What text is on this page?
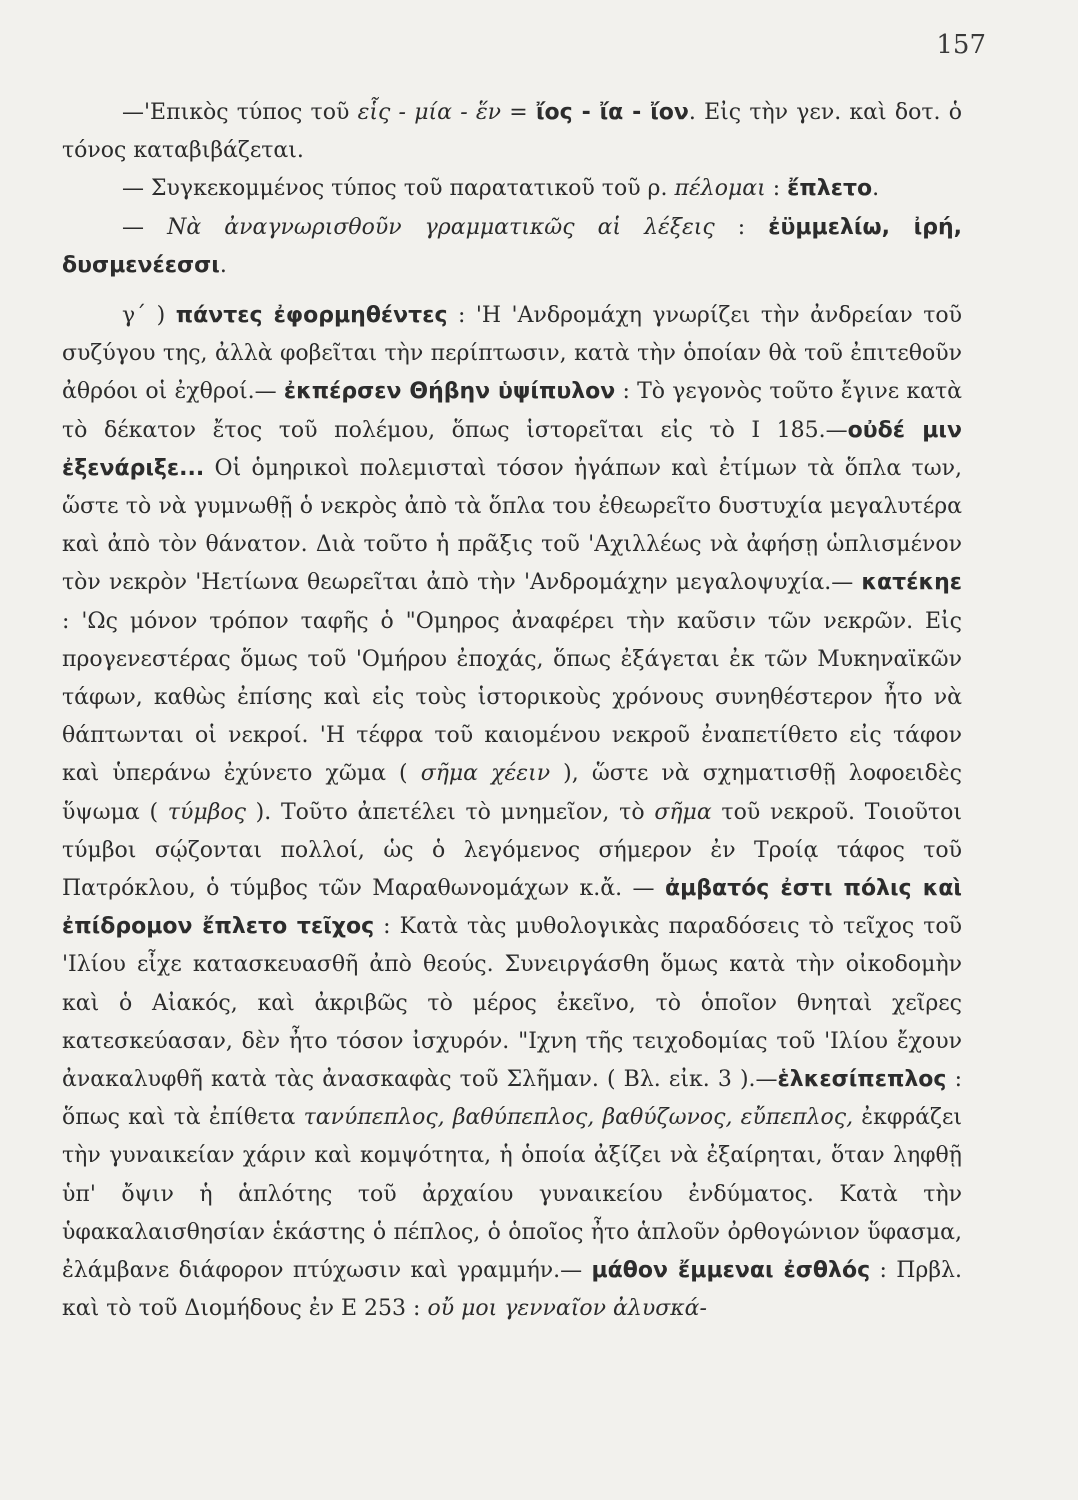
157

—'Επικὸς τύπος τοῦ εἷς - μία - ἕν = ἴος - ἴα - ἴον. Εἰς τὴν γεν. καὶ δοτ. ὁ τόνος καταβιβάζεται.

— Συγκεκομμένος τύπος τοῦ παρατατικοῦ τοῦ ρ. πέλομαι : ἔπλετο.

— Νὰ ἀναγνωρισθοῦν γραμματικῶς αἱ λέξεις : ἐϋμμελίω, ἰρή, δυσμενέεσσι.

γ΄ ) πάντες ἐφορμηθέντες : 'Η 'Ανδρομάχη γνωρίζει τὴν ἀνδρείαν τοῦ συζύγου της, ἀλλὰ φοβεῖται τὴν περίπτωσιν, κατὰ τὴν ὁποίαν θὰ τοῦ ἐπιτεθοῦν ἀθρόοι οἱ ἐχθροί.— ἐκπέρσεν Θήβην ὑψίπυλον : Τὸ γεγονὸς τοῦτο ἔγινε κατὰ τὸ δέκατον ἔτος τοῦ πολέμου, ὅπως ἱστορεῖται εἰς τὸ Ι 185.—οὐδέ μιν ἐξενάριξε... Οἱ ὁμηρικοὶ πολεμισταὶ τόσον ἠγάπων καὶ ἐτίμων τὰ ὅπλα των, ὥστε τὸ νὰ γυμνωθῇ ὁ νεκρὸς ἀπὸ τὰ ὅπλα του ἐθεωρεῖτο δυστυχία μεγαλυτέρα καὶ ἀπὸ τὸν θάνατον. Διὰ τοῦτο ἡ πρᾶξις τοῦ 'Αχιλλέως νὰ ἀφήσῃ ὡπλισμένον τὸν νεκρὸν 'Ηετίωνα θεωρεῖται ἀπὸ τὴν 'Ανδρομάχην μεγαλοψυχία.— κατέκηε : 'Ως μόνον τρόπον ταφῆς ὁ "Ομηρος ἀναφέρει τὴν καῦσιν τῶν νεκρῶν. Εἰς προγενεστέρας ὅμως τοῦ 'Ομήρου ἐποχάς, ὅπως ἐξάγεται ἐκ τῶν Μυκηναϊκῶν τάφων, καθὼς ἐπίσης καὶ εἰς τοὺς ἱστορικοὺς χρόνους συνηθέστερον ἦτο νὰ θάπτωνται οἱ νεκροί. 'Η τέφρα τοῦ καιομένου νεκροῦ ἐναπετίθετο εἰς τάφον καὶ ὑπεράνω ἐχύνετο χῶμα ( σῆμα χέειν ), ὥστε νὰ σχηματισθῇ λοφοειδὲς ὕψωμα ( τύμβος ). Τοῦτο ἀπετέλει τὸ μνημεῖον, τὸ σῆμα τοῦ νεκροῦ. Τοιοῦτοι τύμβοι σῴζονται πολλοί, ὡς ὁ λεγόμενος σήμερον ἐν Τροίᾳ τάφος τοῦ Πατρόκλου, ὁ τύμβος τῶν Μαραθωνομάχων κ.ἄ. — ἀμβατός ἐστι πόλις καὶ ἐπίδρομον ἔπλετο τεῖχος : Κατὰ τὰς μυθολογικὰς παραδόσεις τὸ τεῖχος τοῦ 'Ιλίου εἶχε κατασκευασθῆ ἀπὸ θεούς. Συνειργάσθη ὅμως κατὰ τὴν οἰκοδομὴν καὶ ὁ Αἰακός, καὶ ἀκριβῶς τὸ μέρος ἐκεῖνο, τὸ ὁποῖον θνηταὶ χεῖρες κατεσκεύασαν, δὲν ἦτο τόσον ἰσχυρόν. "Ιχνη τῆς τειχοδομίας τοῦ 'Ιλίου ἔχουν ἀνακαλυφθῆ κατὰ τὰς ἀνασκαφὰς τοῦ Σλῆμαν. ( Βλ. εἰκ. 3 ).—ἑλκεσίπεπλος : ὅπως καὶ τὰ ἐπίθετα τανύπεπλος, βαθύπεπλος, βαθύζωνος, εὔπεπλος, ἐκφράζει τὴν γυναικείαν χάριν καὶ κομψότητα, ἡ ὁποία ἀξίζει νὰ ἐξαίρηται, ὅταν ληφθῇ ὑπ' ὄψιν ἡ ἁπλότης τοῦ ἀρχαίου γυναικείου ἐνδύματος. Κατὰ τὴν ὑφακαλαισθησίαν ἑκάστης ὁ πέπλος, ὁ ὁποῖος ἦτο ἁπλοῦν ὀρθογώνιον ὕφασμα, ἐλάμβανε διάφορον πτύχωσιν καὶ γραμμήν.— μάθον ἔμμεναι ἐσθλός : Πρβλ. καὶ τὸ τοῦ Διομήδους ἐν Ε 253 : οὔ μοι γενναῖον ἀλυσκά-
